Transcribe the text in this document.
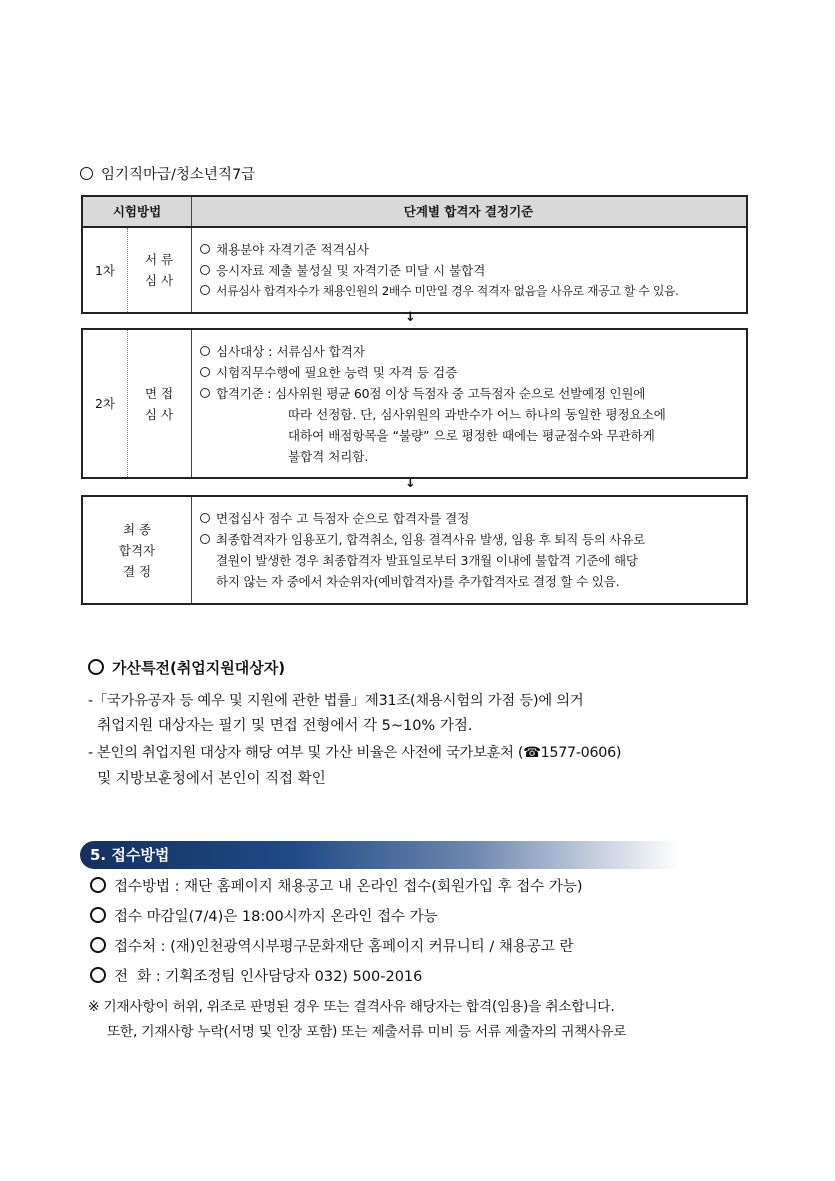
임기직마급/청소년직7급
시험방법	단계별 합격자 결정기준
1차
서 류
심 사
채용분야 자격기준 적격심사
응시자료 제출 불성실 및 자격기준 미달 시 불합격
서류심사 합격자수가 채용인원의 2배수 미만일 경우 적격자 없음을 사유로 재공고 할 수 있음.
↓
2차
면 접
심 사
심사대상 : 서류심사 합격자
시험직무수행에 필요한 능력 및 자격 등 검증
합격기준 : 심사위원 평균 60점 이상 득점자 중 고득점자 순으로 선발예정 인원에
따라 선정함. 단, 심사위원의 과반수가 어느 하나의 동일한 평정요소에
대하여 배점항목을 “불량” 으로 평정한 때에는 평균점수와 무관하게
불합격 처리함.
↓
최 종
합격자
결 정
면접심사 점수 고 득점자 순으로 합격자를 결정
최종합격자가 임용포기, 합격취소, 임용 결격사유 발생, 임용 후 퇴직 등의 사유로
결원이 발생한 경우 최종합격자 발표일로부터 3개월 이내에 불합격 기준에 해당
하지 않는 자 중에서 차순위자(예비합격자)를 추가합격자로 결정 할 수 있음.
가산특전(취업지원대상자)
-「국가유공자 등 예우 및 지원에 관한 법률」제31조(채용시험의 가점 등)에 의거
취업지원 대상자는 필기 및 면접 전형에서 각 5~10% 가점.
- 본인의 취업지원 대상자 해당 여부 및 가산 비율은 사전에 국가보훈처 (☎1577-0606)
및 지방보훈청에서 본인이 직접 확인
5. 접수방법
접수방법 : 재단 홈페이지 채용공고 내 온라인 접수(회원가입 후 접수 가능)
접수 마감일(7/4)은 18:00시까지 온라인 접수 가능
접수처 : (재)인천광역시부평구문화재단 홈페이지 커뮤니티 / 채용공고 란
전  화 : 기획조정팀 인사담당자 032) 500-2016
※ 기재사항이 허위, 위조로 판명된 경우 또는 결격사유 해당자는 합격(임용)을 취소합니다.
또한, 기재사항 누락(서명 및 인장 포함) 또는 제출서류 미비 등 서류 제출자의 귀책사유로
